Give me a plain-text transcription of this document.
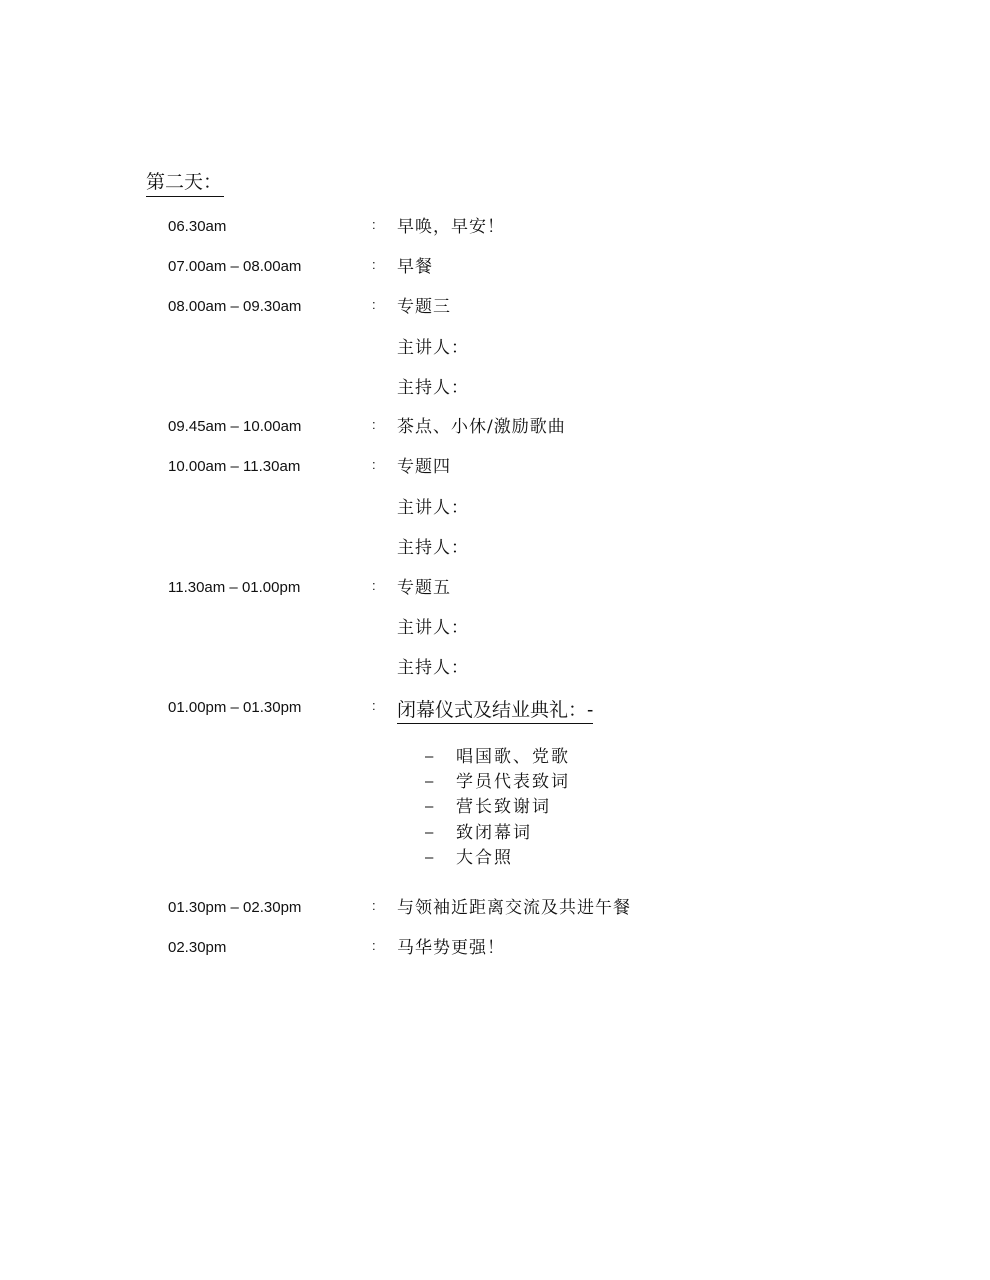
第二天：
06.30am	: 早唤，早安！
07.00am – 08.00am	: 早餐
08.00am – 09.30am	: 专题三
主讲人：
主持人：
09.45am – 10.00am	: 茶点、小休/激励歌曲
10.00am – 11.30am	: 专题四
主讲人：
主持人：
11.30am – 01.00pm	: 专题五
主讲人：
主持人：
01.00pm – 01.30pm	: 闭幕仪式及结业典礼：-
– 唱国歌、党歌
– 学员代表致词
– 营长致谢词
– 致闭幕词
– 大合照
01.30pm – 02.30pm	: 与领袖近距离交流及共进午餐
02.30pm	: 马华势更强！
